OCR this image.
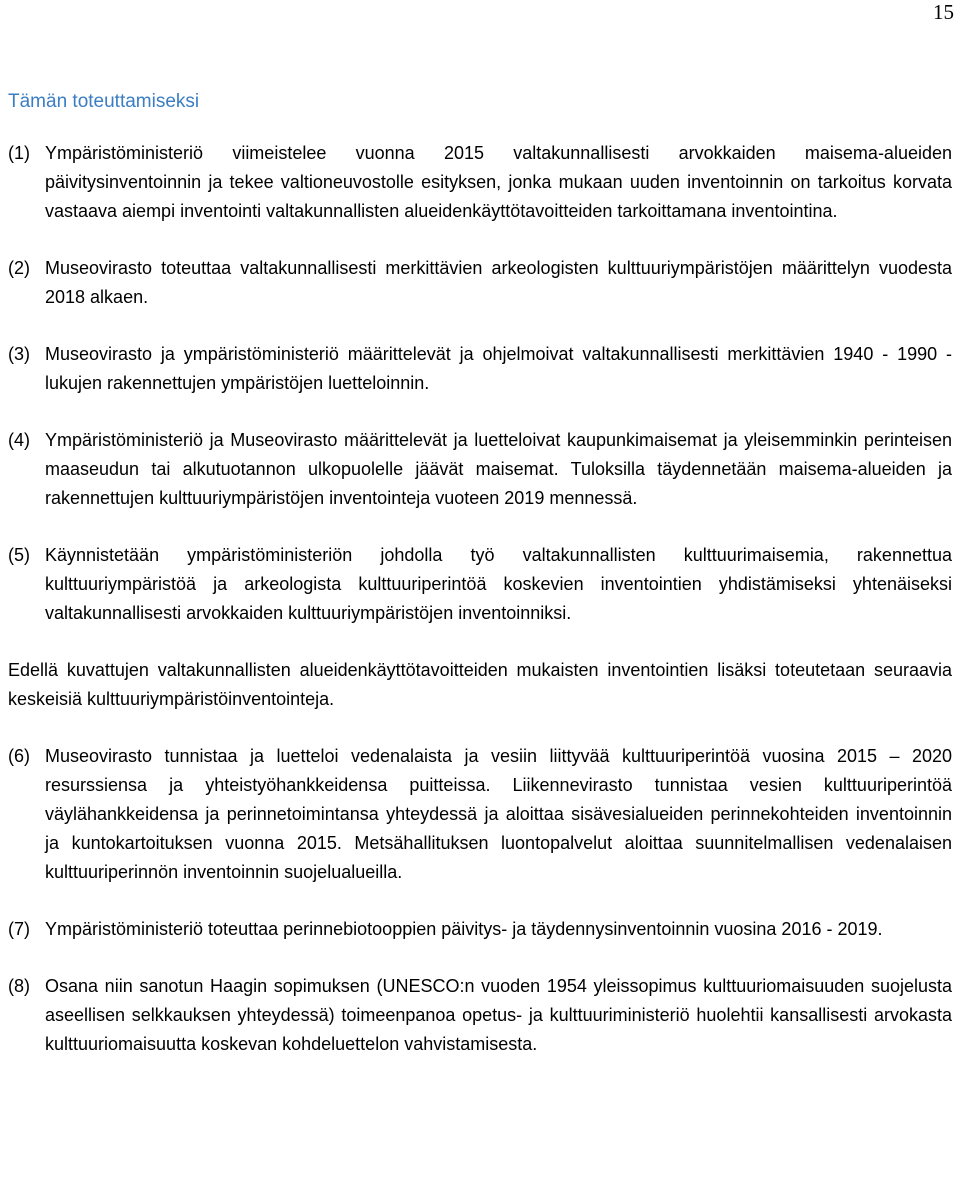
15
Tämän toteuttamiseksi
(1) Ympäristöministeriö viimeistelee vuonna 2015 valtakunnallisesti arvokkaiden maisema-alueiden päivitysinventoinnin ja tekee valtioneuvostolle esityksen, jonka mukaan uuden inventoinnin on tarkoitus korvata vastaava aiempi inventointi valtakunnallisten alueidenkäyttötavoitteiden tarkoittamana inventointina.
(2) Museovirasto toteuttaa valtakunnallisesti merkittävien arkeologisten kulttuuriympäristöjen määrittelyn vuodesta 2018 alkaen.
(3) Museovirasto ja ympäristöministeriö määrittelevät ja ohjelmoivat valtakunnallisesti merkittävien 1940 - 1990 -lukujen rakennettujen ympäristöjen luetteloinnin.
(4) Ympäristöministeriö ja Museovirasto määrittelevät ja luetteloivat kaupunkimaisemat ja yleisemminkin perinteisen maaseudun tai alkutuotannon ulkopuolelle jäävät maisemat. Tuloksilla täydennetään maisema-alueiden ja rakennettujen kulttuuriympäristöjen inventointeja vuoteen 2019 mennessä.
(5) Käynnistetään ympäristöministeriön johdolla työ valtakunnallisten kulttuurimaisemia, rakennettua kulttuuriympäristöä ja arkeologista kulttuuriperintöä koskevien inventointien yhdistämiseksi yhtenäiseksi valtakunnallisesti arvokkaiden kulttuuriympäristöjen inventoinniksi.
Edellä kuvattujen valtakunnallisten alueidenkäyttötavoitteiden mukaisten inventointien lisäksi toteutetaan seuraavia keskeisiä kulttuuriympäristöinventointeja.
(6) Museovirasto tunnistaa ja luetteloi vedenalaista ja vesiin liittyvää kulttuuriperintöä vuosina 2015 – 2020 resurssiensa ja yhteistyöhankkeidensa puitteissa. Liikennevirasto tunnistaa vesien kulttuuriperintöä väylähankkeidensa ja perinnetoimintansa yhteydessä ja aloittaa sisävesialueiden perinnekohteiden inventoinnin ja kuntokartoituksen vuonna 2015. Metsähallituksen luontopalvelut aloittaa suunnitelmallisen vedenalaisen kulttuuriperinnön inventoinnin suojelualueilla.
(7) Ympäristöministeriö toteuttaa perinnebiotooppien päivitys- ja täydennysinventoinnin vuosina 2016 - 2019.
(8) Osana niin sanotun Haagin sopimuksen (UNESCO:n vuoden 1954 yleissopimus kulttuuriomaisuuden suojelusta aseellisen selkkauksen yhteydessä) toimeenpanoa opetus- ja kulttuuriministeriö huolehtii kansallisesti arvokasta kulttuuriomaisuutta koskevan kohdeluettelon vahvistamisesta.
